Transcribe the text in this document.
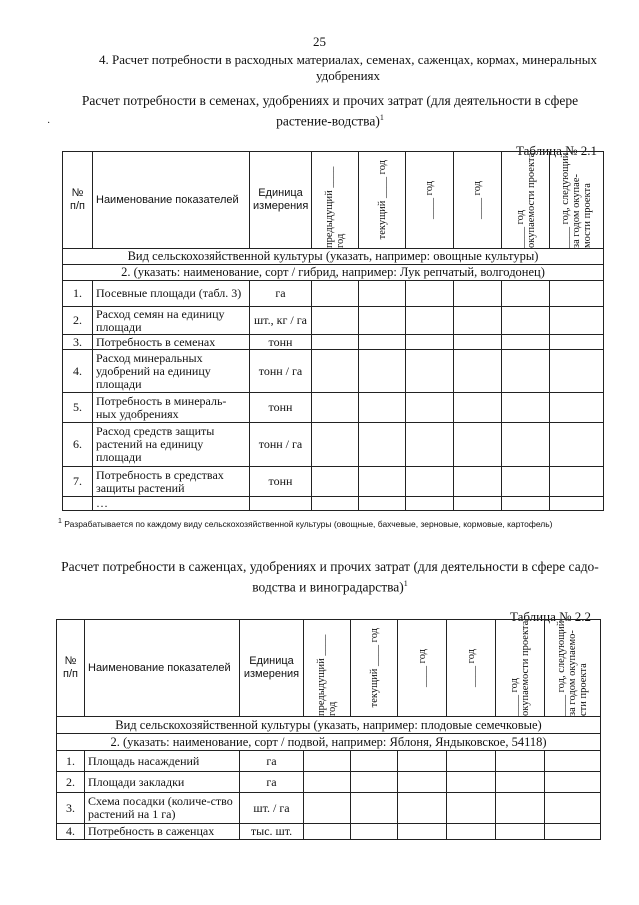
25
4. Расчет потребности в расходных материалах, семенах, саженцах, кормах, минеральных удобрениях
·
Расчет потребности в семенах, удобрениях и прочих затрат (для деятельности в сфере растение-водства)$^1$
Таблица № 2.1
№ п/п	Наименование показателей	Единица измерения	предыдущий ____ год	текущий ____ год	____ год	____ год	____ год окупаемости проекта	____ год, следующий за годом окупае-мости проекта

Вид сельскохозяйственной культуры (указать, например: овощные культуры)								
2. (указать: наименование, сорт / гибрид, например: Лук репчатый, волгодонец)								
1.	Посевные площади (табл. 3)	га						
2.	Расход семян на единицу площади	шт., кг / га						
3.	Потребность в семенах	тонн						
4.	Расход минеральных удобрений на единицу площади	тонн / га						
5.	Потребность в минераль-ных удобрениях	тонн						
6.	Расход средств защиты растений на единицу площади	тонн / га						
7.	Потребность в средствах защиты растений	тонн						
	…							
$^1$ Разрабатывается по каждому виду сельскохозяйственной культуры (овощные, бахчевые, зерновые, кормовые, картофель)
Расчет потребности в саженцах, удобрениях и прочих затрат (для деятельности в сфере садо-водства и виноградарства)$^1$
Таблица № 2.2
№ п/п	Наименование показателей	Единица измерения	предыдущий ____ год	текущий ____ год	____ год	____ год	____ год окупаемости проекта	____ год, следующий за годом окупаемо-сти проекта

Вид сельскохозяйственной культуры (указать, например: плодовые семечковые)								
2. (указать: наименование, сорт / подвой, например: Яблоня, Яндыковское, 54118)								
1.	Площадь насаждений	га						
2.	Площади закладки	га						
3.	Схема посадки (количе-ство растений на 1 га)	шт. / га						
4.	Потребность в саженцах	тыс. шт.						
